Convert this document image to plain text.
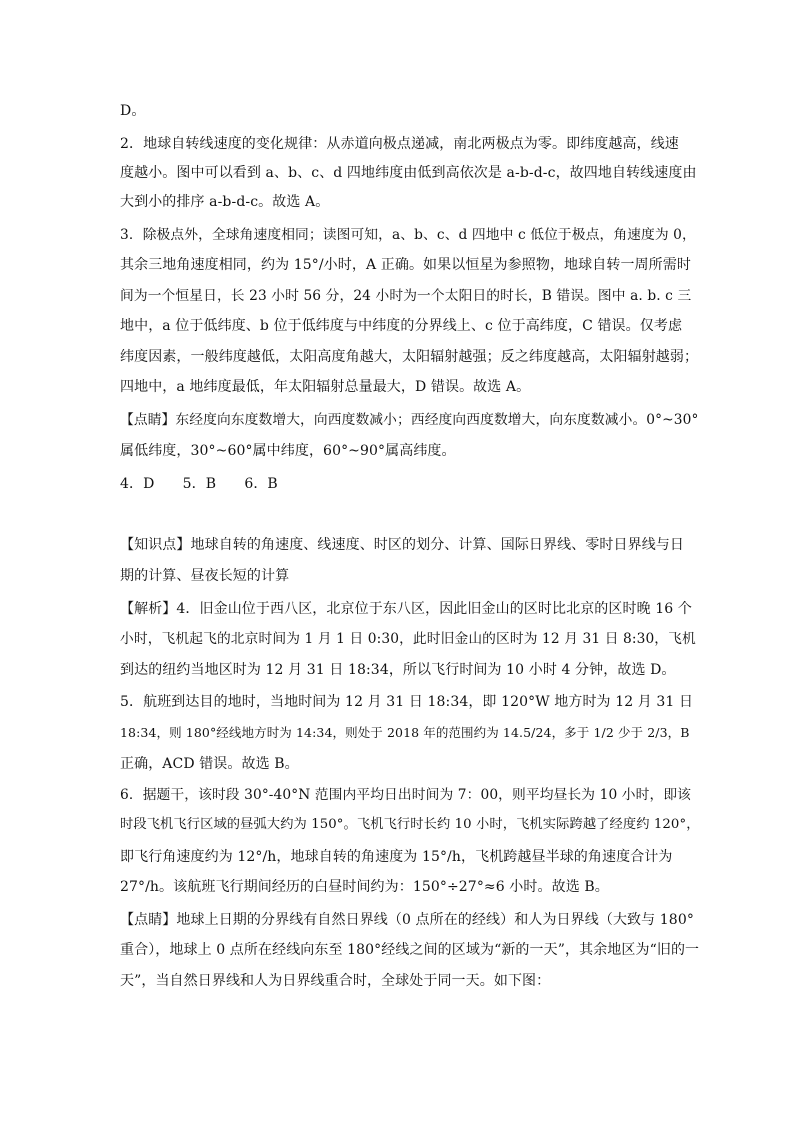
D。
2．地球自转线速度的变化规律：从赤道向极点递减，南北两极点为零。即纬度越高，线速
度越小。图中可以看到 a、b、c、d 四地纬度由低到高依次是 a-b-d-c，故四地自转线速度由
大到小的排序 a-b-d-c。故选 A。
3．除极点外，全球角速度相同；读图可知，a、b、c、d 四地中 c 低位于极点，角速度为 0，
其余三地角速度相同，约为 15°/小时，A 正确。如果以恒星为参照物，地球自转一周所需时
间为一个恒星日，长 23 小时 56 分，24 小时为一个太阳日的时长，B 错误。图中 a. b. c 三
地中，a 位于低纬度、b 位于低纬度与中纬度的分界线上、c 位于高纬度，C 错误。仅考虑
纬度因素，一般纬度越低，太阳高度角越大，太阳辐射越强；反之纬度越高，太阳辐射越弱；
四地中，a 地纬度最低，年太阳辐射总量最大，D 错误。故选 A。
【点睛】东经度向东度数增大，向西度数减小；西经度向西度数增大，向东度数减小。0°~30°
属低纬度，30°~60°属中纬度，60°~90°属高纬度。
4．D　　5．B　　6．B
【知识点】地球自转的角速度、线速度、时区的划分、计算、国际日界线、零时日界线与日
期的计算、昼夜长短的计算
【解析】4．旧金山位于西八区，北京位于东八区，因此旧金山的区时比北京的区时晚 16 个
小时，飞机起飞的北京时间为 1 月 1 日 0:30，此时旧金山的区时为 12 月 31 日 8:30，飞机
到达的纽约当地区时为 12 月 31 日 18:34，所以飞行时间为 10 小时 4 分钟，故选 D。
5．航班到达目的地时，当地时间为 12 月 31 日 18:34，即 120°W 地方时为 12 月 31 日
18:34，则 180°经线地方时为 14:34，则处于 2018 年的范围约为 14.5/24，多于 1/2 少于 2/3，B
正确，ACD 错误。故选 B。
6．据题干，该时段 30°-40°N 范围内平均日出时间为 7：00，则平均昼长为 10 小时，即该
时段飞机飞行区域的昼弧大约为 150°。飞机飞行时长约 10 小时，飞机实际跨越了经度约 120°，
即飞行角速度约为 12°/h，地球自转的角速度为 15°/h，飞机跨越昼半球的角速度合计为
27°/h。该航班飞行期间经历的白昼时间约为：150°÷27°≈6 小时。故选 B。
【点睛】地球上日期的分界线有自然日界线（0 点所在的经线）和人为日界线（大致与 180°
重合），地球上 0 点所在经线向东至 180°经线之间的区域为“新的一天”，其余地区为“旧的一
天”，当自然日界线和人为日界线重合时，全球处于同一天。如下图：
